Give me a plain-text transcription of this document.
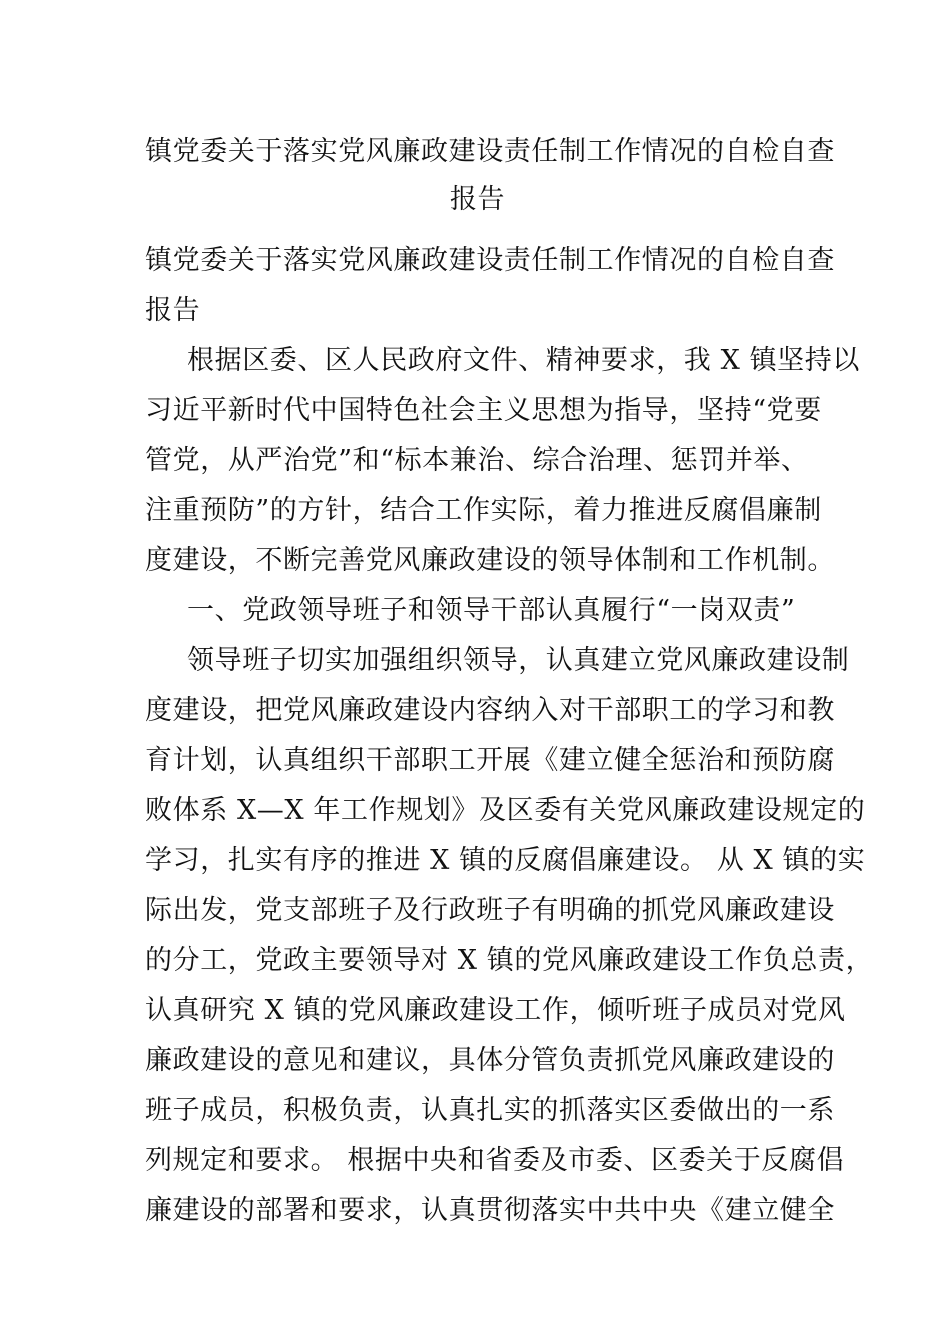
镇党委关于落实党风廉政建设责任制工作情况的自检自查
报告
镇党委关于落实党风廉政建设责任制工作情况的自检自查
报告
根据区委、区人民政府文件、精神要求，我 X 镇坚持以
习近平新时代中国特色社会主义思想为指导，坚持“党要
管党，从严治党”和“标本兼治、综合治理、惩罚并举、
注重预防”的方针，结合工作实际，着力推进反腐倡廉制
度建设，不断完善党风廉政建设的领导体制和工作机制。
一、党政领导班子和领导干部认真履行“一岗双责”
领导班子切实加强组织领导，认真建立党风廉政建设制
度建设，把党风廉政建设内容纳入对干部职工的学习和教
育计划，认真组织干部职工开展《建立健全惩治和预防腐
败体系 X—X 年工作规划》及区委有关党风廉政建设规定的
学习，扎实有序的推进 X 镇的反腐倡廉建设。 从 X 镇的实
际出发，党支部班子及行政班子有明确的抓党风廉政建设
的分工，党政主要领导对 X 镇的党风廉政建设工作负总责，
认真研究 X 镇的党风廉政建设工作，倾听班子成员对党风
廉政建设的意见和建议，具体分管负责抓党风廉政建设的
班子成员，积极负责，认真扎实的抓落实区委做出的一系
列规定和要求。 根据中央和省委及市委、区委关于反腐倡
廉建设的部署和要求，认真贯彻落实中共中央《建立健全
